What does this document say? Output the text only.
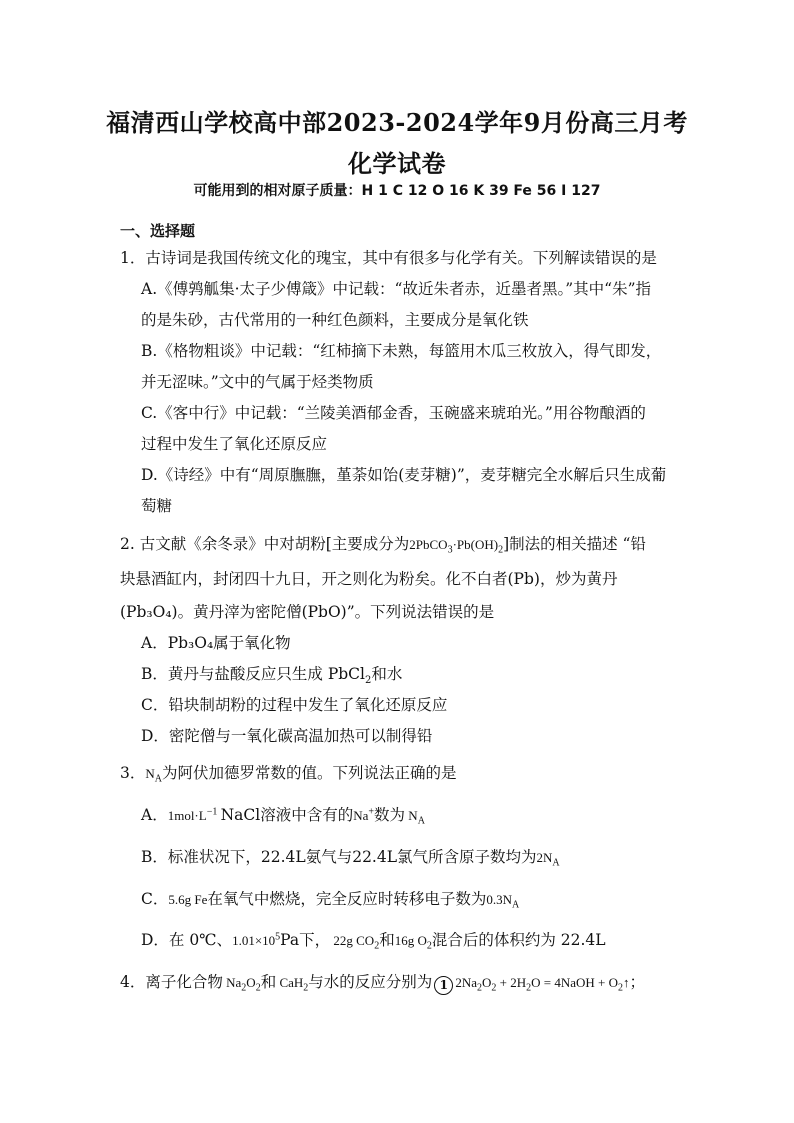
福清西山学校高中部2023-2024学年9月份高三月考
化学试卷
可能用到的相对原子质量：H 1 C 12 O 16 K 39 Fe 56 I 127
一、选择题
1．古诗词是我国传统文化的瑰宝，其中有很多与化学有关。下列解读错误的是
A.《傅鹑觚集·太子少傅箴》中记载：“故近朱者赤，近墨者黑。”其中“朱”指
的是朱砂，古代常用的一种红色颜料，主要成分是氧化铁
B.《格物粗谈》中记载：“红柿摘下未熟，每篮用木瓜三枚放入，得气即发，
并无涩味。”文中的气属于烃类物质
C.《客中行》中记载：“兰陵美酒郁金香，玉碗盛来琥珀光。”用谷物酿酒的
过程中发生了氧化还原反应
D.《诗经》中有“周原膴膴，堇荼如饴(麦芽糖)”，麦芽糖完全水解后只生成葡
萄糖
2. 古文献《余冬录》中对胡粉[主要成分为$2PbCO_3\cdot Pb(OH)_2$]制法的相关描述 “铅
块悬酒缸内，封闭四十九日，开之则化为粉矣。化不白者(Pb)，炒为黄丹
(Pb₃O₄)。黄丹滓为密陀僧(PbO)”。下列说法错误的是
A．Pb₃O₄属于氧化物
B．黄丹与盐酸反应只生成 PbCl$_2$和水
C．铅块制胡粉的过程中发生了氧化还原反应
D．密陀僧与一氧化碳高温加热可以制得铅
3．$N_A$为阿伏加德罗常数的值。下列说法正确的是
A．$1mol\cdot L^{-1}$ NaCl溶液中含有的Na+数为 $N_A$
B．标准状况下，22.4L氨气与22.4L氯气所含原子数均为$2N_A$
C．5.6g Fe在氧气中燃烧，完全反应时转移电子数为$0.3N_A$
D．在 0℃、$1.01\times 10^5Pa$下， 22g $CO_2$和16g $O_2$混合后的体积约为 22.4L
4．离子化合物 $Na_2O_2$和 CaH$_2$与水的反应分别为 1 $2Na_2O_2 + 2H_2O$ = 4NaOH + $O_2↑$；
